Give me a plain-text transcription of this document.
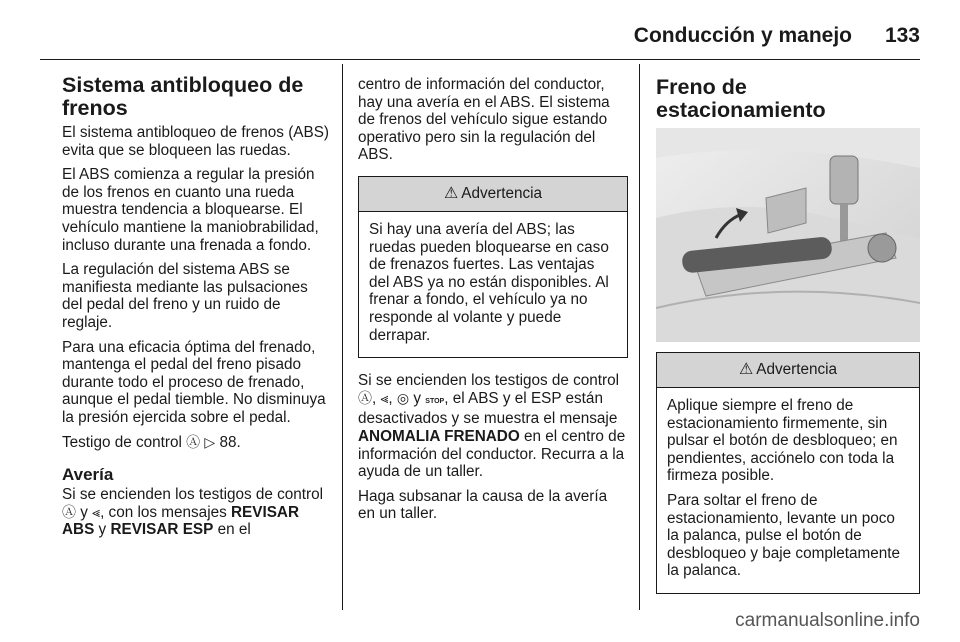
Conducción y manejo 133
Sistema antibloqueo de frenos

El sistema antibloqueo de frenos (ABS) evita que se bloqueen las ruedas.

El ABS comienza a regular la presión de los frenos en cuanto una rueda muestra tendencia a bloquearse. El vehículo mantiene la maniobrabilidad, incluso durante una frenada a fondo.

La regulación del sistema ABS se manifiesta mediante las pulsaciones del pedal del freno y un ruido de reglaje.

Para una eficacia óptima del frenado, mantenga el pedal del freno pisado durante todo el proceso de frenado, aunque el pedal tiemble. No disminuya la presión ejercida sobre el pedal.

Testigo de control Ⓐ ▷ 88.

Avería

Si se encienden los testigos de control Ⓐ y ⪡, con los mensajes REVISAR ABS y REVISAR ESP en el

centro de información del conductor, hay una avería en el ABS. El sistema de frenos del vehículo sigue estando operativo pero sin la regulación del ABS.

⚠ Advertencia

Si hay una avería del ABS; las ruedas pueden bloquearse en caso de frenazos fuertes. Las ventajas del ABS ya no están disponibles. Al frenar a fondo, el vehículo ya no responde al volante y puede derrapar.

Si se encienden los testigos de control Ⓐ, ⪡, ◎ y STOP, el ABS y el ESP están desactivados y se muestra el mensaje ANOMALIA FRENADO en el centro de información del conductor. Recurra a la ayuda de un taller.

Haga subsanar la causa de la avería en un taller.

Freno de estacionamiento
⚠ Advertencia

Aplique siempre el freno de estacionamiento firmemente, sin pulsar el botón de desbloqueo; en pendientes, acciónelo con toda la firmeza posible.

Para soltar el freno de estacionamiento, levante un poco la palanca, pulse el botón de desbloqueo y baje completamente la palanca.

carmanualsonline.info
